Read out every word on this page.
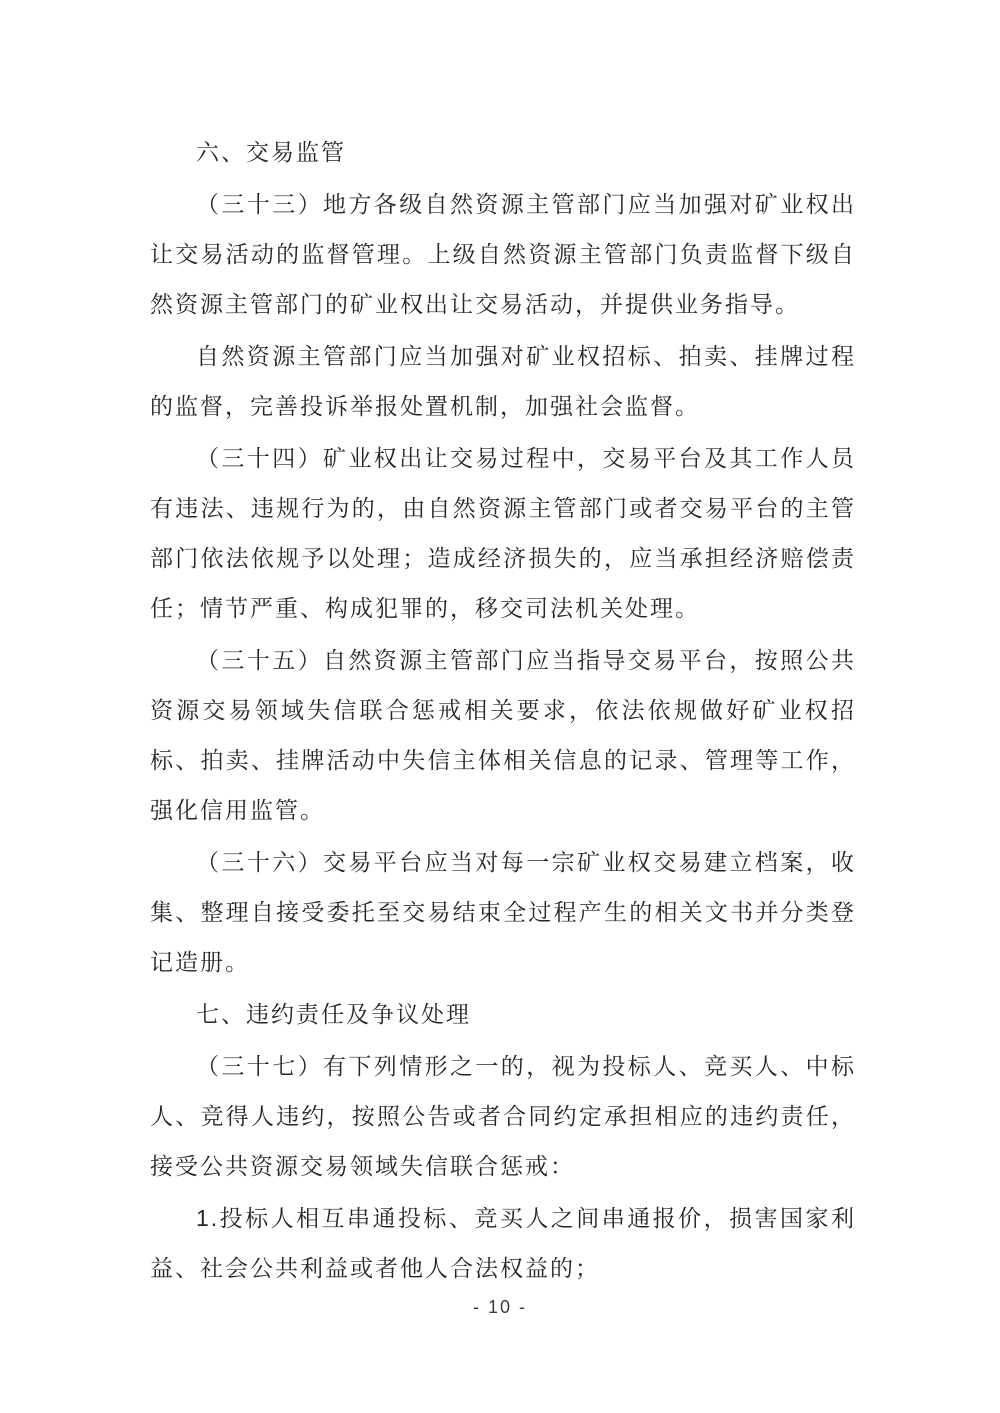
六、交易监管

（三十三）地方各级自然资源主管部门应当加强对矿业权出让交易活动的监督管理。上级自然资源主管部门负责监督下级自然资源主管部门的矿业权出让交易活动，并提供业务指导。

自然资源主管部门应当加强对矿业权招标、拍卖、挂牌过程的监督，完善投诉举报处置机制，加强社会监督。

（三十四）矿业权出让交易过程中，交易平台及其工作人员有违法、违规行为的，由自然资源主管部门或者交易平台的主管部门依法依规予以处理；造成经济损失的，应当承担经济赔偿责任；情节严重、构成犯罪的，移交司法机关处理。

（三十五）自然资源主管部门应当指导交易平台，按照公共资源交易领域失信联合惩戒相关要求，依法依规做好矿业权招标、拍卖、挂牌活动中失信主体相关信息的记录、管理等工作，强化信用监管。

（三十六）交易平台应当对每一宗矿业权交易建立档案，收集、整理自接受委托至交易结束全过程产生的相关文书并分类登记造册。

七、违约责任及争议处理

（三十七）有下列情形之一的，视为投标人、竞买人、中标人、竞得人违约，按照公告或者合同约定承担相应的违约责任，接受公共资源交易领域失信联合惩戒：

1.投标人相互串通投标、竞买人之间串通报价，损害国家利益、社会公共利益或者他人合法权益的；

- 10 -
